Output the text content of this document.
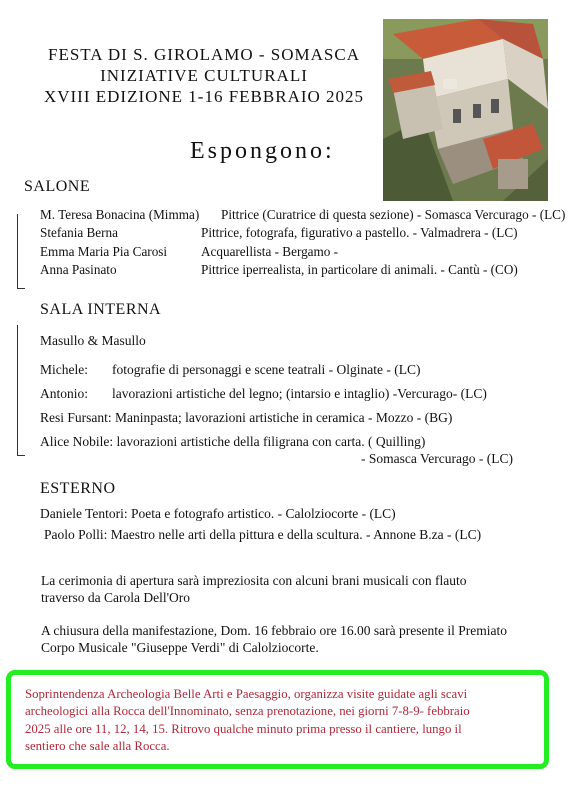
FESTA DI S. GIROLAMO - SOMASCA
INIZIATIVE CULTURALI
XVIII EDIZIONE 1-16 FEBBRAIO 2025
Espongono:
SALONE
M. Teresa Bonacina (Mimma) Pittrice (Curatrice di questa sezione) - Somasca Vercurago - (LC)
Stefania Berna	Pittrice, fotografa, figurativo a pastello. - Valmadrera - (LC)
Emma Maria Pia Carosi	Acquarellista - Bergamo -
Anna Pasinato	Pittrice iperrealista, in particolare di animali. - Cantù - (CO)
SALA INTERNA
Masullo & Masullo
Michele: fotografie di personaggi e scene teatrali - Olginate - (LC)
Antonio: lavorazioni artistiche del legno; (intarsio e intaglio) -Vercurago- (LC)
Resi Fursant: Maninpasta; lavorazioni artistiche in ceramica - Mozzo - (BG)
Alice Nobile: lavorazioni artistiche della filigrana con carta. ( Quilling)
- Somasca Vercurago - (LC)
ESTERNO
Daniele Tentori: Poeta e fotografo artistico. - Calolziocorte - (LC)
Paolo Polli: Maestro nelle arti della pittura e della scultura. - Annone B.za - (LC)
La cerimonia di apertura sarà impreziosita con alcuni brani musicali con flauto
traverso da Carola Dell'Oro
A chiusura della manifestazione, Dom. 16 febbraio ore 16.00 sarà presente il Premiato
Corpo Musicale "Giuseppe Verdi" di Calolziocorte.
Soprintendenza Archeologia Belle Arti e Paesaggio, organizza visite guidate agli scavi
archeologici alla Rocca dell'Innominato, senza prenotazione, nei giorni 7-8-9- febbraio
2025 alle ore 11, 12, 14, 15. Ritrovo qualche minuto prima presso il cantiere, lungo il
sentiero che sale alla Rocca.
